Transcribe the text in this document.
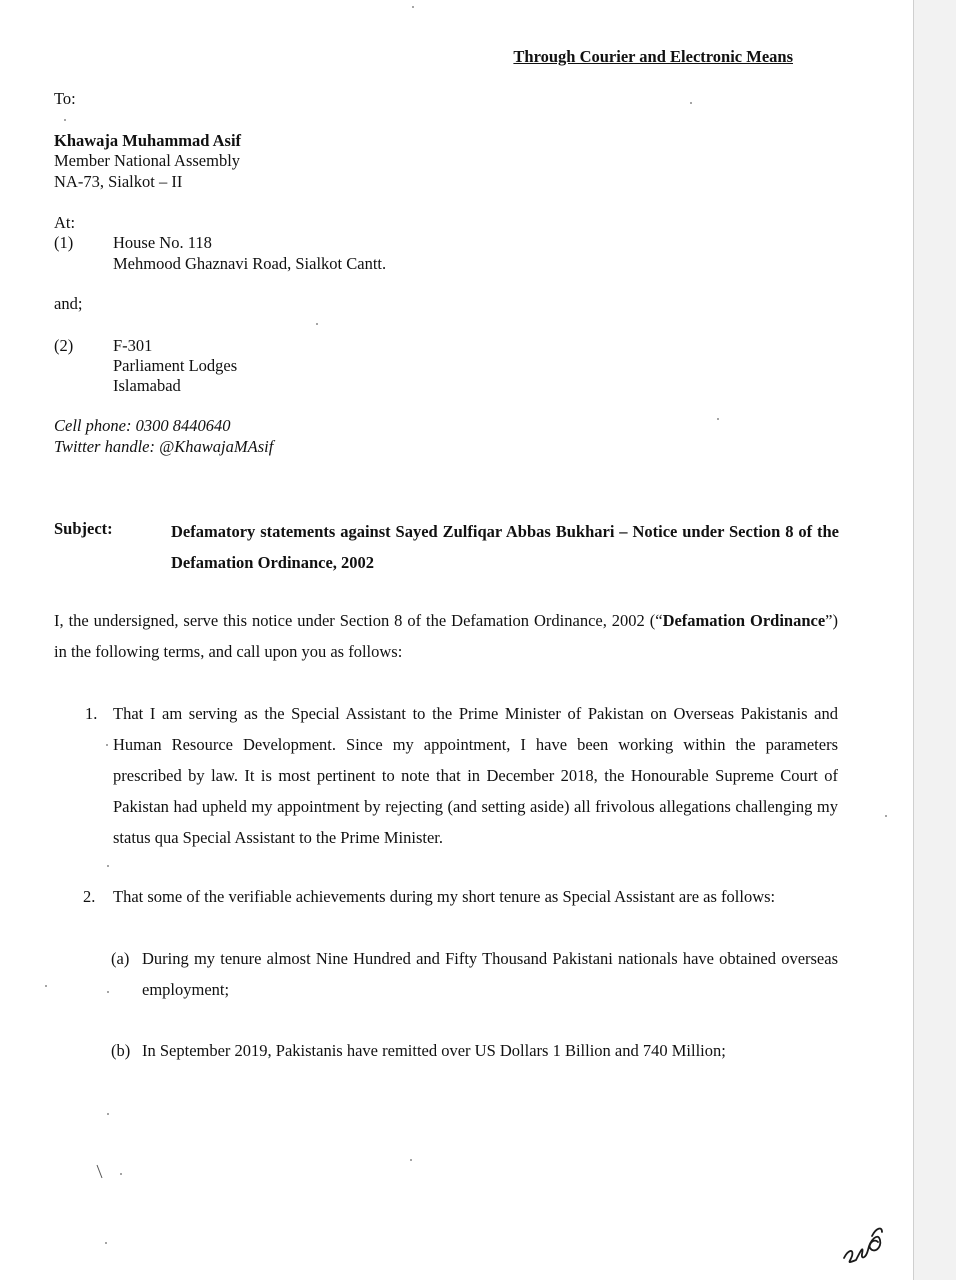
Through Courier and Electronic Means
To:
Khawaja Muhammad Asif
Member National Assembly
NA-73, Sialkot – II
At:
(1) House No. 118
Mehmood Ghaznavi Road, Sialkot Cantt.
and;
(2) F-301
Parliament Lodges
Islamabad
Cell phone: 0300 8440640
Twitter handle: @KhawajaMAsif
Subject:	Defamatory statements against Sayed Zulfiqar Abbas Bukhari – Notice under Section 8 of the Defamation Ordinance, 2002
I, the undersigned, serve this notice under Section 8 of the Defamation Ordinance, 2002 (“Defamation Ordinance”) in the following terms, and call upon you as follows:
1. That I am serving as the Special Assistant to the Prime Minister of Pakistan on Overseas Pakistanis and Human Resource Development. Since my appointment, I have been working within the parameters prescribed by law. It is most pertinent to note that in December 2018, the Honourable Supreme Court of Pakistan had upheld my appointment by rejecting (and setting aside) all frivolous allegations challenging my status qua Special Assistant to the Prime Minister.
2. That some of the verifiable achievements during my short tenure as Special Assistant are as follows:
(a) During my tenure almost Nine Hundred and Fifty Thousand Pakistani nationals have obtained overseas employment;
(b) In September 2019, Pakistanis have remitted over US Dollars 1 Billion and 740 Million;
